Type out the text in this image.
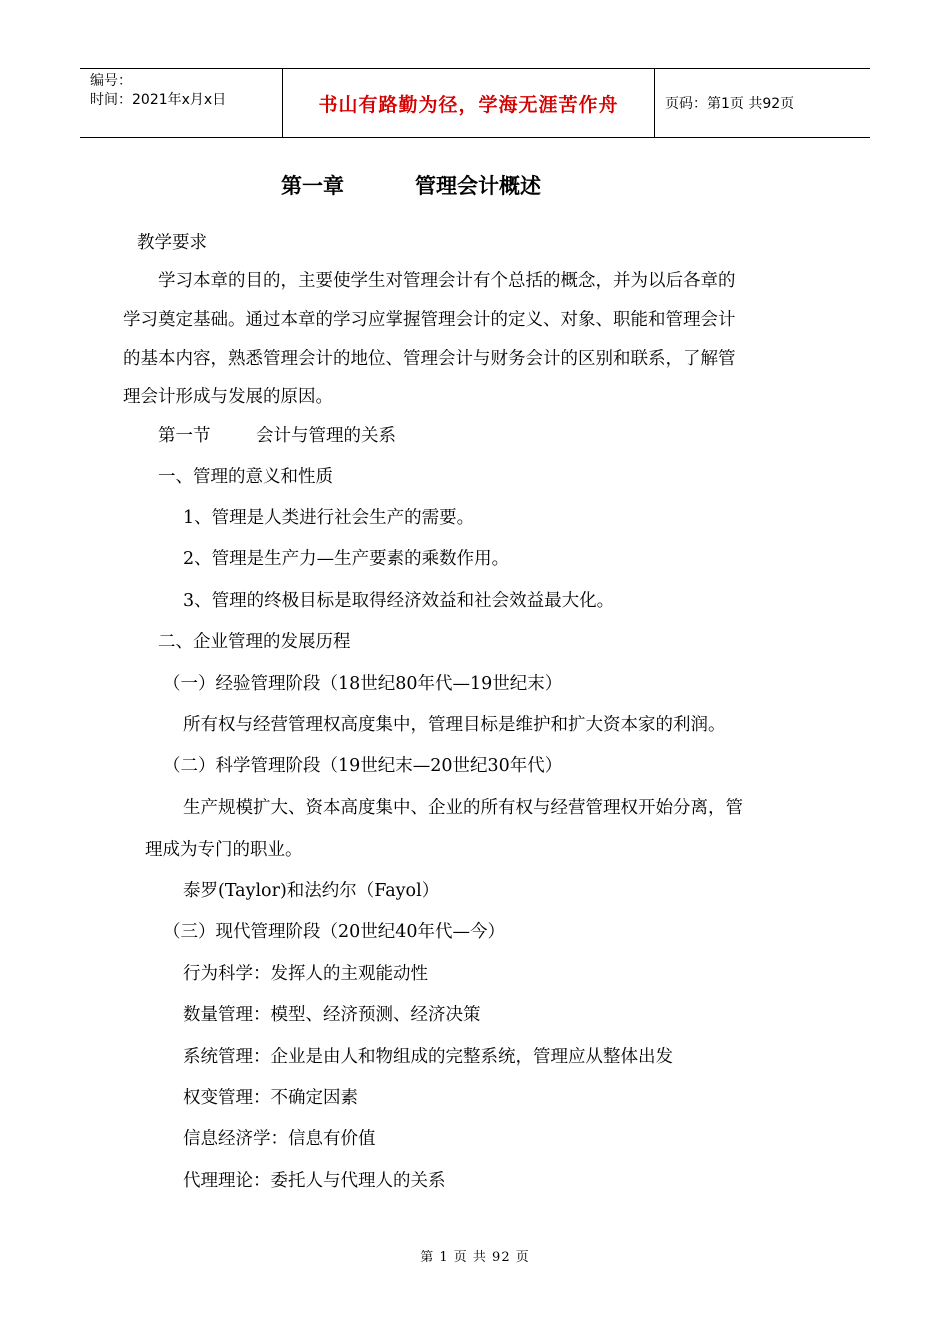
编号：
时间：2021年x月x日	书山有路勤为径，学海无涯苦作舟	页码：第1页 共92页
第一章	管理会计概述
教学要求
学习本章的目的，主要使学生对管理会计有个总括的概念，并为以后各章的
学习奠定基础。通过本章的学习应掌握管理会计的定义、对象、职能和管理会计
的基本内容，熟悉管理会计的地位、管理会计与财务会计的区别和联系，了解管
理会计形成与发展的原因。
第一节	会计与管理的关系
一、管理的意义和性质
1、管理是人类进行社会生产的需要。
2、管理是生产力—生产要素的乘数作用。
3、管理的终极目标是取得经济效益和社会效益最大化。
二、企业管理的发展历程
（一）经验管理阶段（18世纪80年代—19世纪末）
所有权与经营管理权高度集中，管理目标是维护和扩大资本家的利润。
（二）科学管理阶段（19世纪末—20世纪30年代）
生产规模扩大、资本高度集中、企业的所有权与经营管理权开始分离，管
理成为专门的职业。
泰罗(Taylor)和法约尔（Fayol）
（三）现代管理阶段（20世纪40年代—今）
行为科学：发挥人的主观能动性
数量管理：模型、经济预测、经济决策
系统管理：企业是由人和物组成的完整系统，管理应从整体出发
权变管理：不确定因素
信息经济学：信息有价值
代理理论：委托人与代理人的关系
第 1 页 共 92 页
